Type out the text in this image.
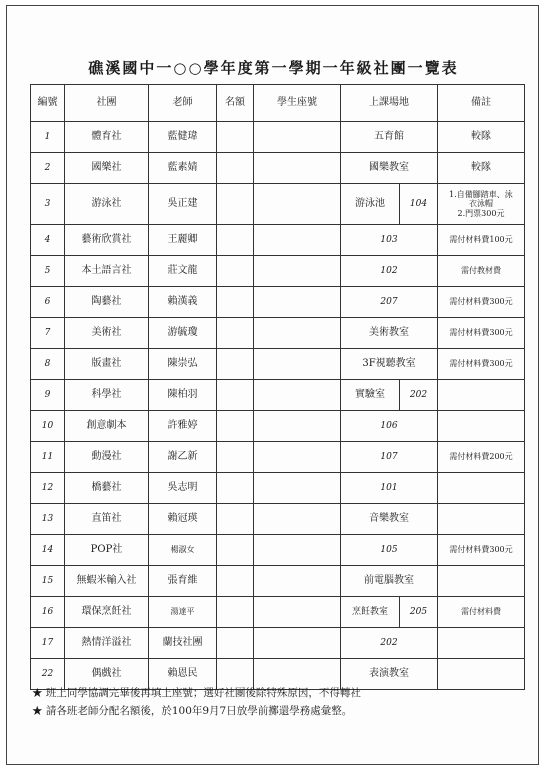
礁溪國中一○○學年度第一學期一年級社團一覽表
編號	社團	老師	名額	學生座號	上課場地		備註
1	體育社	藍健瑋			五育館		較隊
2	國樂社	藍素婧			國樂教室		較隊
3	游泳社	吳正建			游泳池	104	1.自備腳踏車、泳
衣泳帽
2.門票300元

4	藝術欣賞社	王麗卿			103		需付材料費100元
5	本土語言社	莊文龍			102		需付教材費
6	陶藝社	賴漢義			207		需付材料費300元
7	美術社	游毓瓊			美術教室		需付材料費300元
8	版畫社	陳崇弘			3F視聽教室		需付材料費300元
9	科學社	陳柏羽			實驗室	202	
10	創意劇本	許雅婷			106		
11	動漫社	謝乙新			107		需付材料費200元
12	橋藝社	吳志明			101		
13	直笛社	賴冠瑛			音樂教室		
14	POP社	楊淑女			105		需付材料費300元
15	無蝦米輸入社	張育維			前電腦教室		
16	環保烹飪社	湯達平			烹飪教室	205	需付材料費
17	熱情洋溢社	蘭技社團			202		
22	偶戲社	賴恩民			表演教室		
★ 班上同學協調完畢後再填上座號；選好社團後除特殊原因，不得轉社
★ 請各班老師分配名額後，於100年9月7日放學前擲還學務處彙整。
